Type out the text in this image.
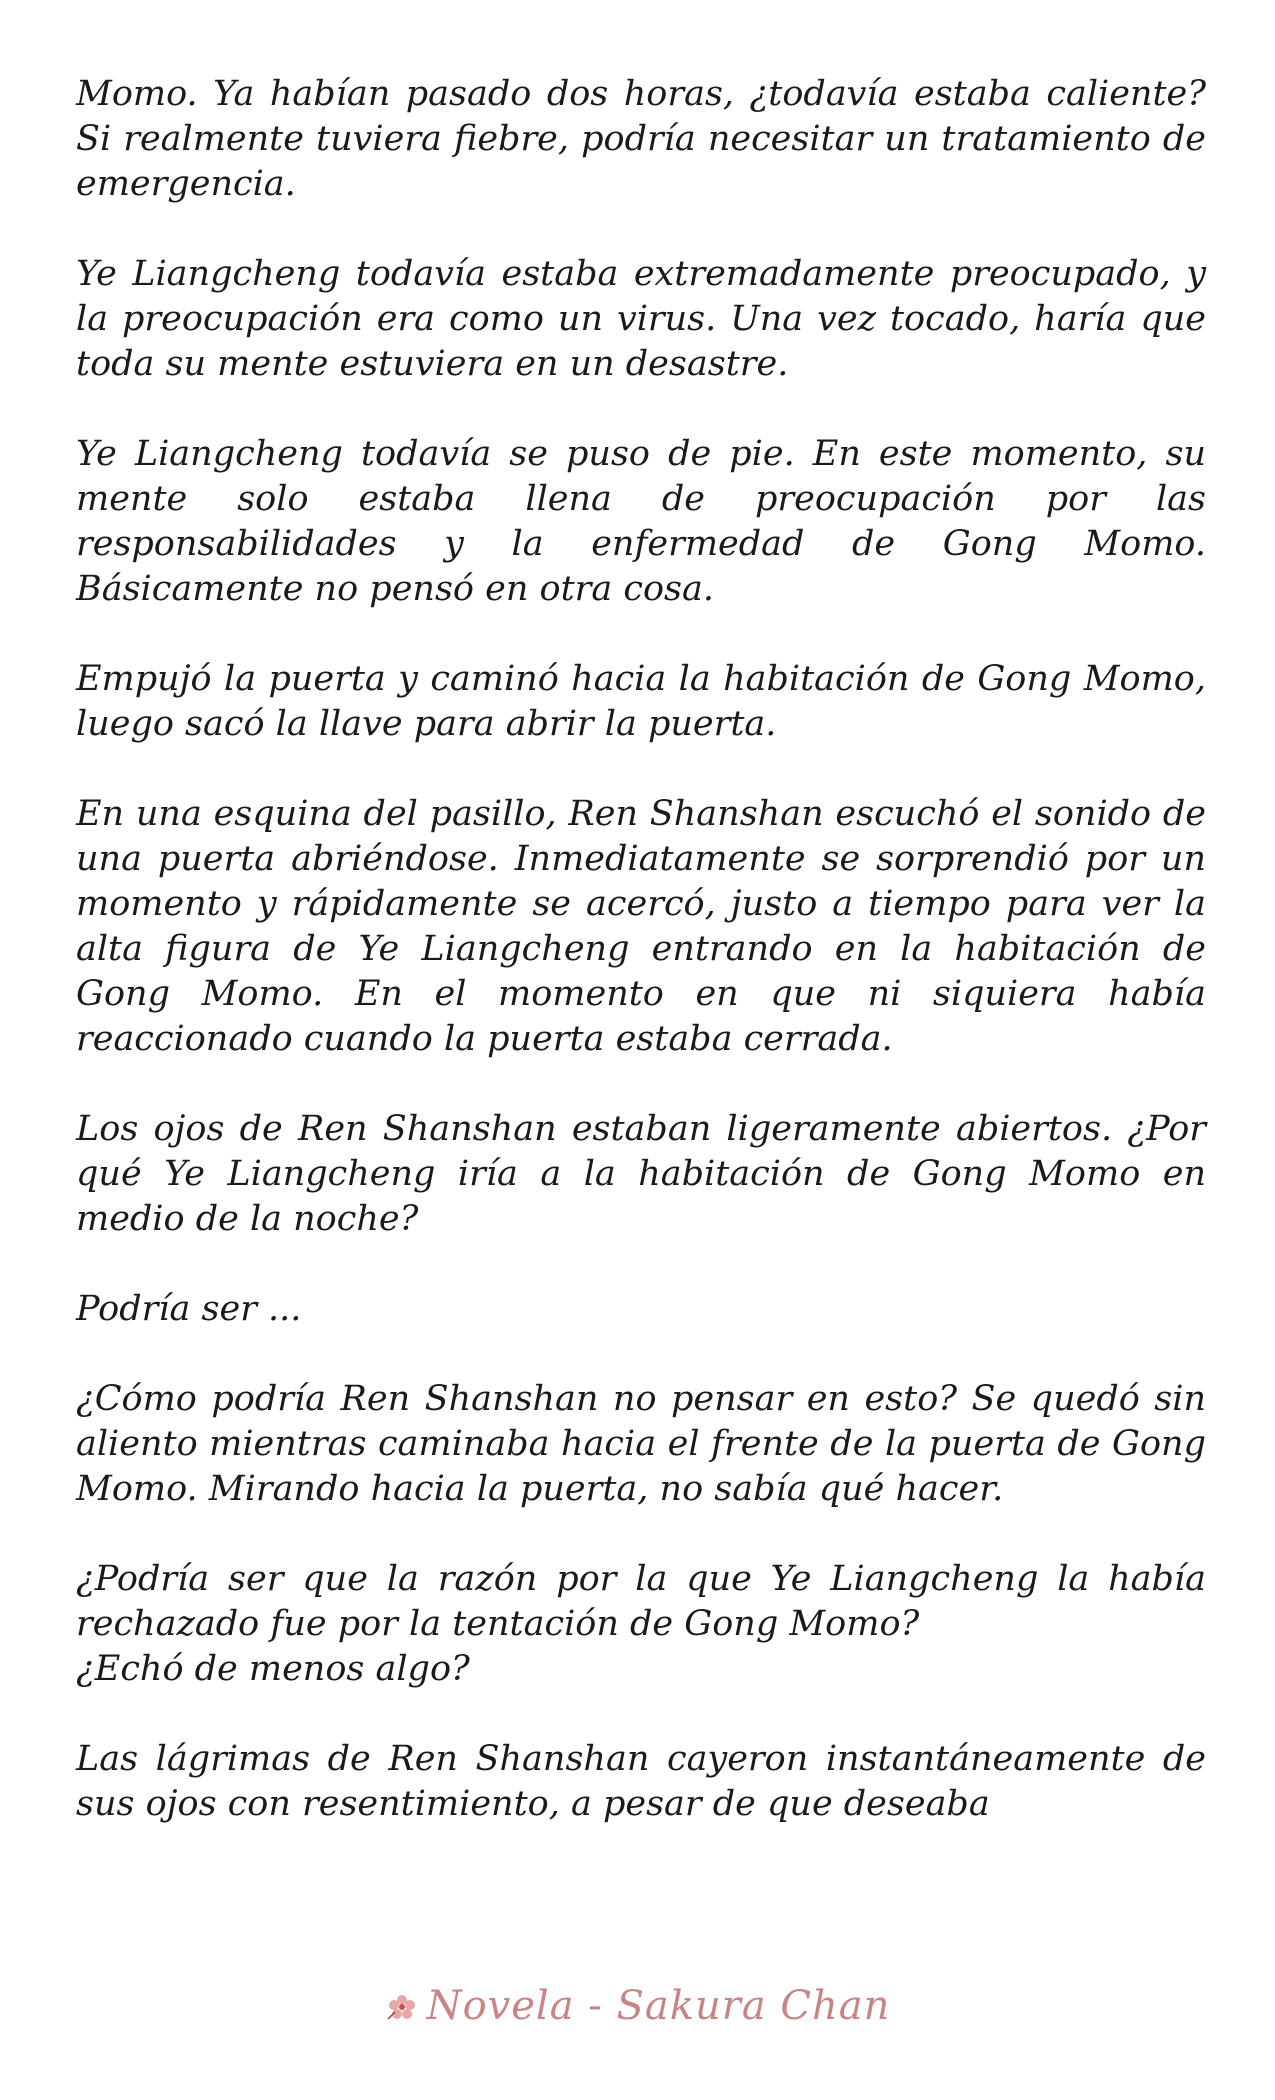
Momo. Ya habían pasado dos horas, ¿todavía estaba caliente? Si realmente tuviera fiebre, podría necesitar un tratamiento de emergencia.

Ye Liangcheng todavía estaba extremadamente preocupado, y la preocupación era como un virus. Una vez tocado, haría que toda su mente estuviera en un desastre.

Ye Liangcheng todavía se puso de pie. En este momento, su mente solo estaba llena de preocupación por las responsabilidades y la enfermedad de Gong Momo. Básicamente no pensó en otra cosa.

Empujó la puerta y caminó hacia la habitación de Gong Momo, luego sacó la llave para abrir la puerta.

En una esquina del pasillo, Ren Shanshan escuchó el sonido de una puerta abriéndose. Inmediatamente se sorprendió por un momento y rápidamente se acercó, justo a tiempo para ver la alta figura de Ye Liangcheng entrando en la habitación de Gong Momo. En el momento en que ni siquiera había reaccionado cuando la puerta estaba cerrada.

Los ojos de Ren Shanshan estaban ligeramente abiertos. ¿Por qué Ye Liangcheng iría a la habitación de Gong Momo en medio de la noche?

Podría ser ...

¿Cómo podría Ren Shanshan no pensar en esto? Se quedó sin aliento mientras caminaba hacia el frente de la puerta de Gong Momo. Mirando hacia la puerta, no sabía qué hacer.

¿Podría ser que la razón por la que Ye Liangcheng la había rechazado fue por la tentación de Gong Momo?
¿Echó de menos algo?

Las lágrimas de Ren Shanshan cayeron instantáneamente de sus ojos con resentimiento, a pesar de que deseaba

Novela - Sakura Chan
